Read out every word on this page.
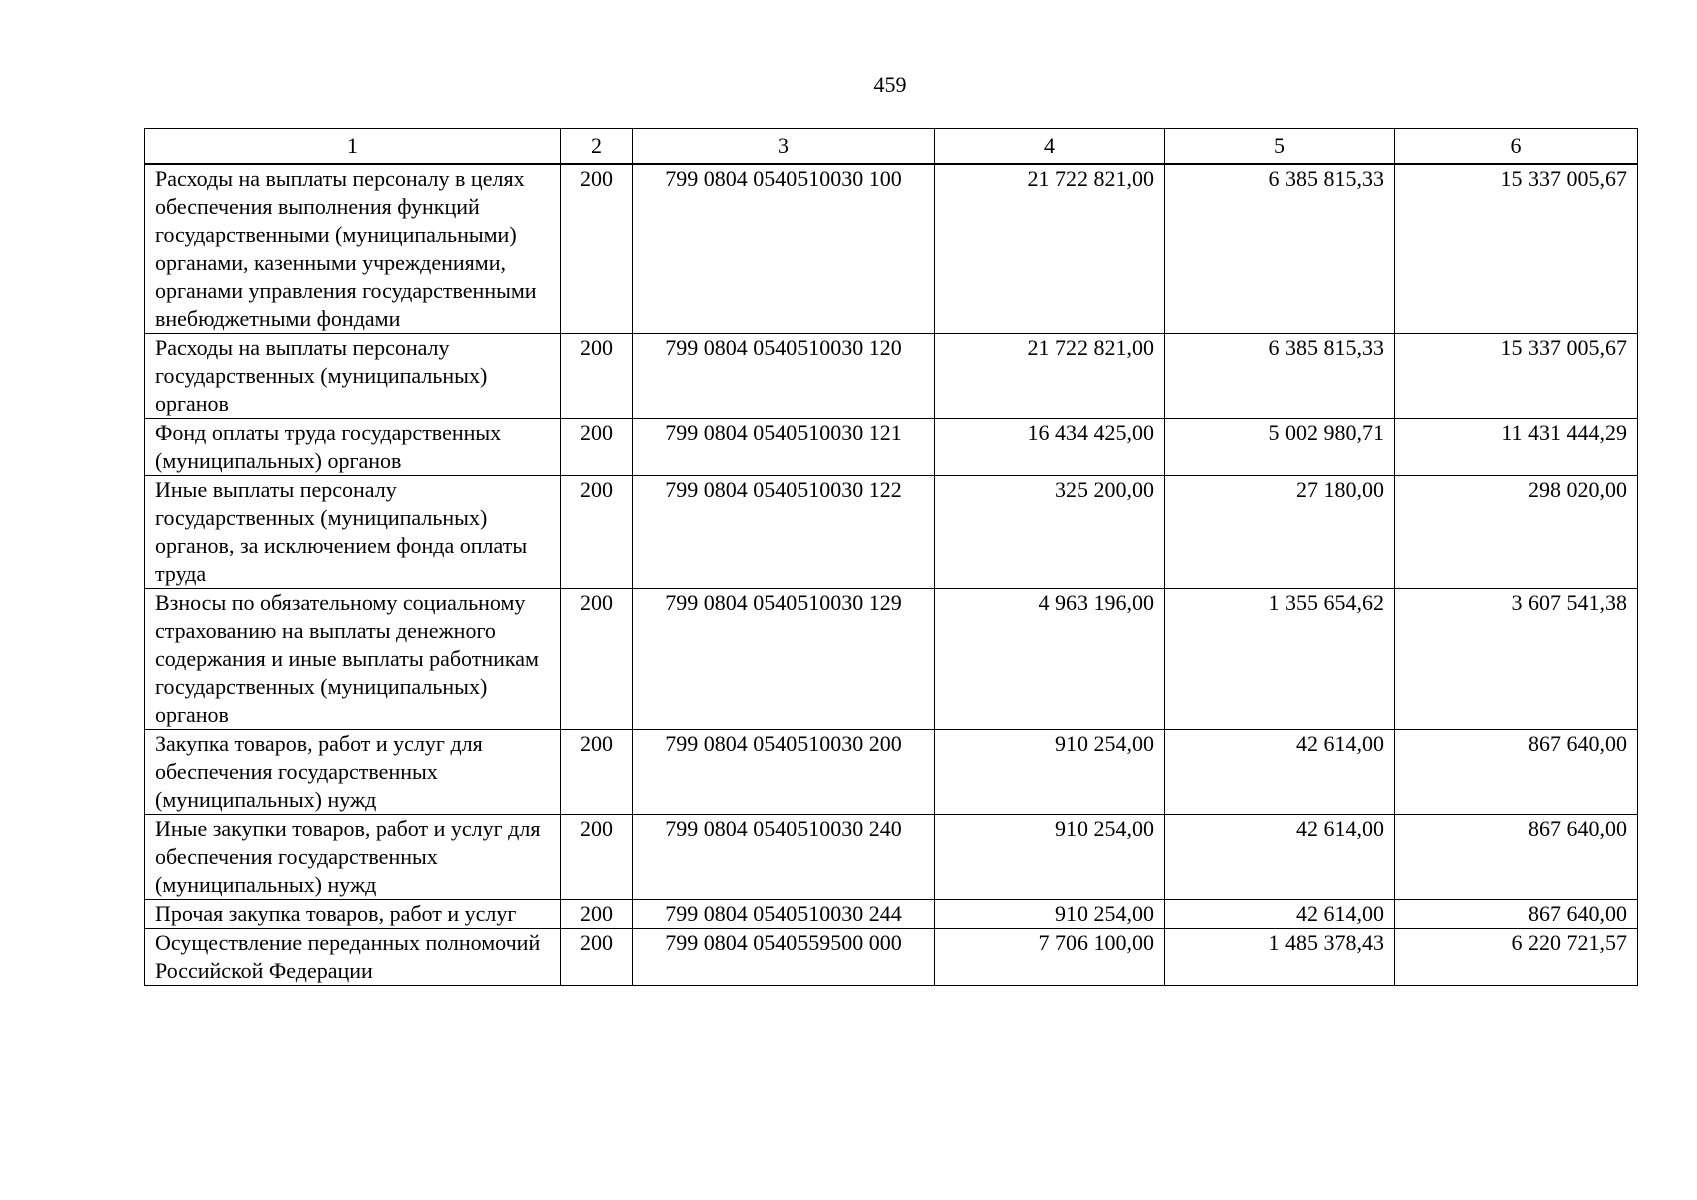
459
1	2	3	4	5	6
Расходы на выплаты персоналу в целях обеспечения выполнения функций государственными (муниципальными) органами, казенными учреждениями, органами управления государственными внебюджетными фондами	200	799 0804 0540510030 100	21 722 821,00	6 385 815,33	15 337 005,67
Расходы на выплаты персоналу государственных (муниципальных) органов	200	799 0804 0540510030 120	21 722 821,00	6 385 815,33	15 337 005,67
Фонд оплаты труда государственных (муниципальных) органов	200	799 0804 0540510030 121	16 434 425,00	5 002 980,71	11 431 444,29
Иные выплаты персоналу государственных (муниципальных) органов, за исключением фонда оплаты труда	200	799 0804 0540510030 122	325 200,00	27 180,00	298 020,00
Взносы по обязательному социальному страхованию на выплаты денежного содержания и иные выплаты работникам государственных (муниципальных) органов	200	799 0804 0540510030 129	4 963 196,00	1 355 654,62	3 607 541,38
Закупка товаров, работ и услуг для обеспечения государственных (муниципальных) нужд	200	799 0804 0540510030 200	910 254,00	42 614,00	867 640,00
Иные закупки товаров, работ и услуг для обеспечения государственных (муниципальных) нужд	200	799 0804 0540510030 240	910 254,00	42 614,00	867 640,00
Прочая закупка товаров, работ и услуг	200	799 0804 0540510030 244	910 254,00	42 614,00	867 640,00
Осуществление переданных полномочий Российской Федерации	200	799 0804 0540559500 000	7 706 100,00	1 485 378,43	6 220 721,57
